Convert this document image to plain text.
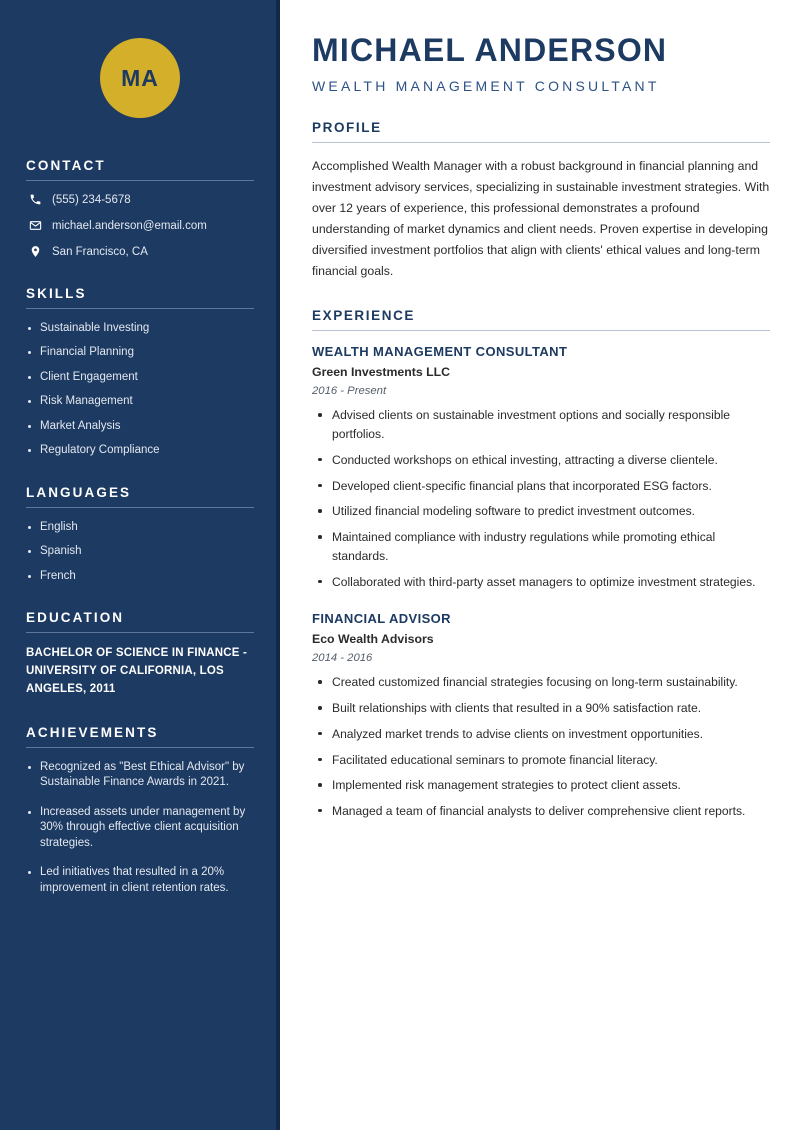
MA
CONTACT
(555) 234-5678
michael.anderson@email.com
San Francisco, CA
SKILLS
Sustainable Investing
Financial Planning
Client Engagement
Risk Management
Market Analysis
Regulatory Compliance
LANGUAGES
English
Spanish
French
EDUCATION
BACHELOR OF SCIENCE IN FINANCE - UNIVERSITY OF CALIFORNIA, LOS ANGELES, 2011
ACHIEVEMENTS
Recognized as "Best Ethical Advisor" by Sustainable Finance Awards in 2021.
Increased assets under management by 30% through effective client acquisition strategies.
Led initiatives that resulted in a 20% improvement in client retention rates.
MICHAEL ANDERSON
WEALTH MANAGEMENT CONSULTANT
PROFILE

Accomplished Wealth Manager with a robust background in financial planning and investment advisory services, specializing in sustainable investment strategies. With over 12 years of experience, this professional demonstrates a profound understanding of market dynamics and client needs. Proven expertise in developing diversified investment portfolios that align with clients' ethical values and long-term financial goals.

EXPERIENCE
WEALTH MANAGEMENT CONSULTANT
Green Investments LLC
2016 - Present
Advised clients on sustainable investment options and socially responsible portfolios.
Conducted workshops on ethical investing, attracting a diverse clientele.
Developed client-specific financial plans that incorporated ESG factors.
Utilized financial modeling software to predict investment outcomes.
Maintained compliance with industry regulations while promoting ethical standards.
Collaborated with third-party asset managers to optimize investment strategies.
FINANCIAL ADVISOR
Eco Wealth Advisors
2014 - 2016
Created customized financial strategies focusing on long-term sustainability.
Built relationships with clients that resulted in a 90% satisfaction rate.
Analyzed market trends to advise clients on investment opportunities.
Facilitated educational seminars to promote financial literacy.
Implemented risk management strategies to protect client assets.
Managed a team of financial analysts to deliver comprehensive client reports.
